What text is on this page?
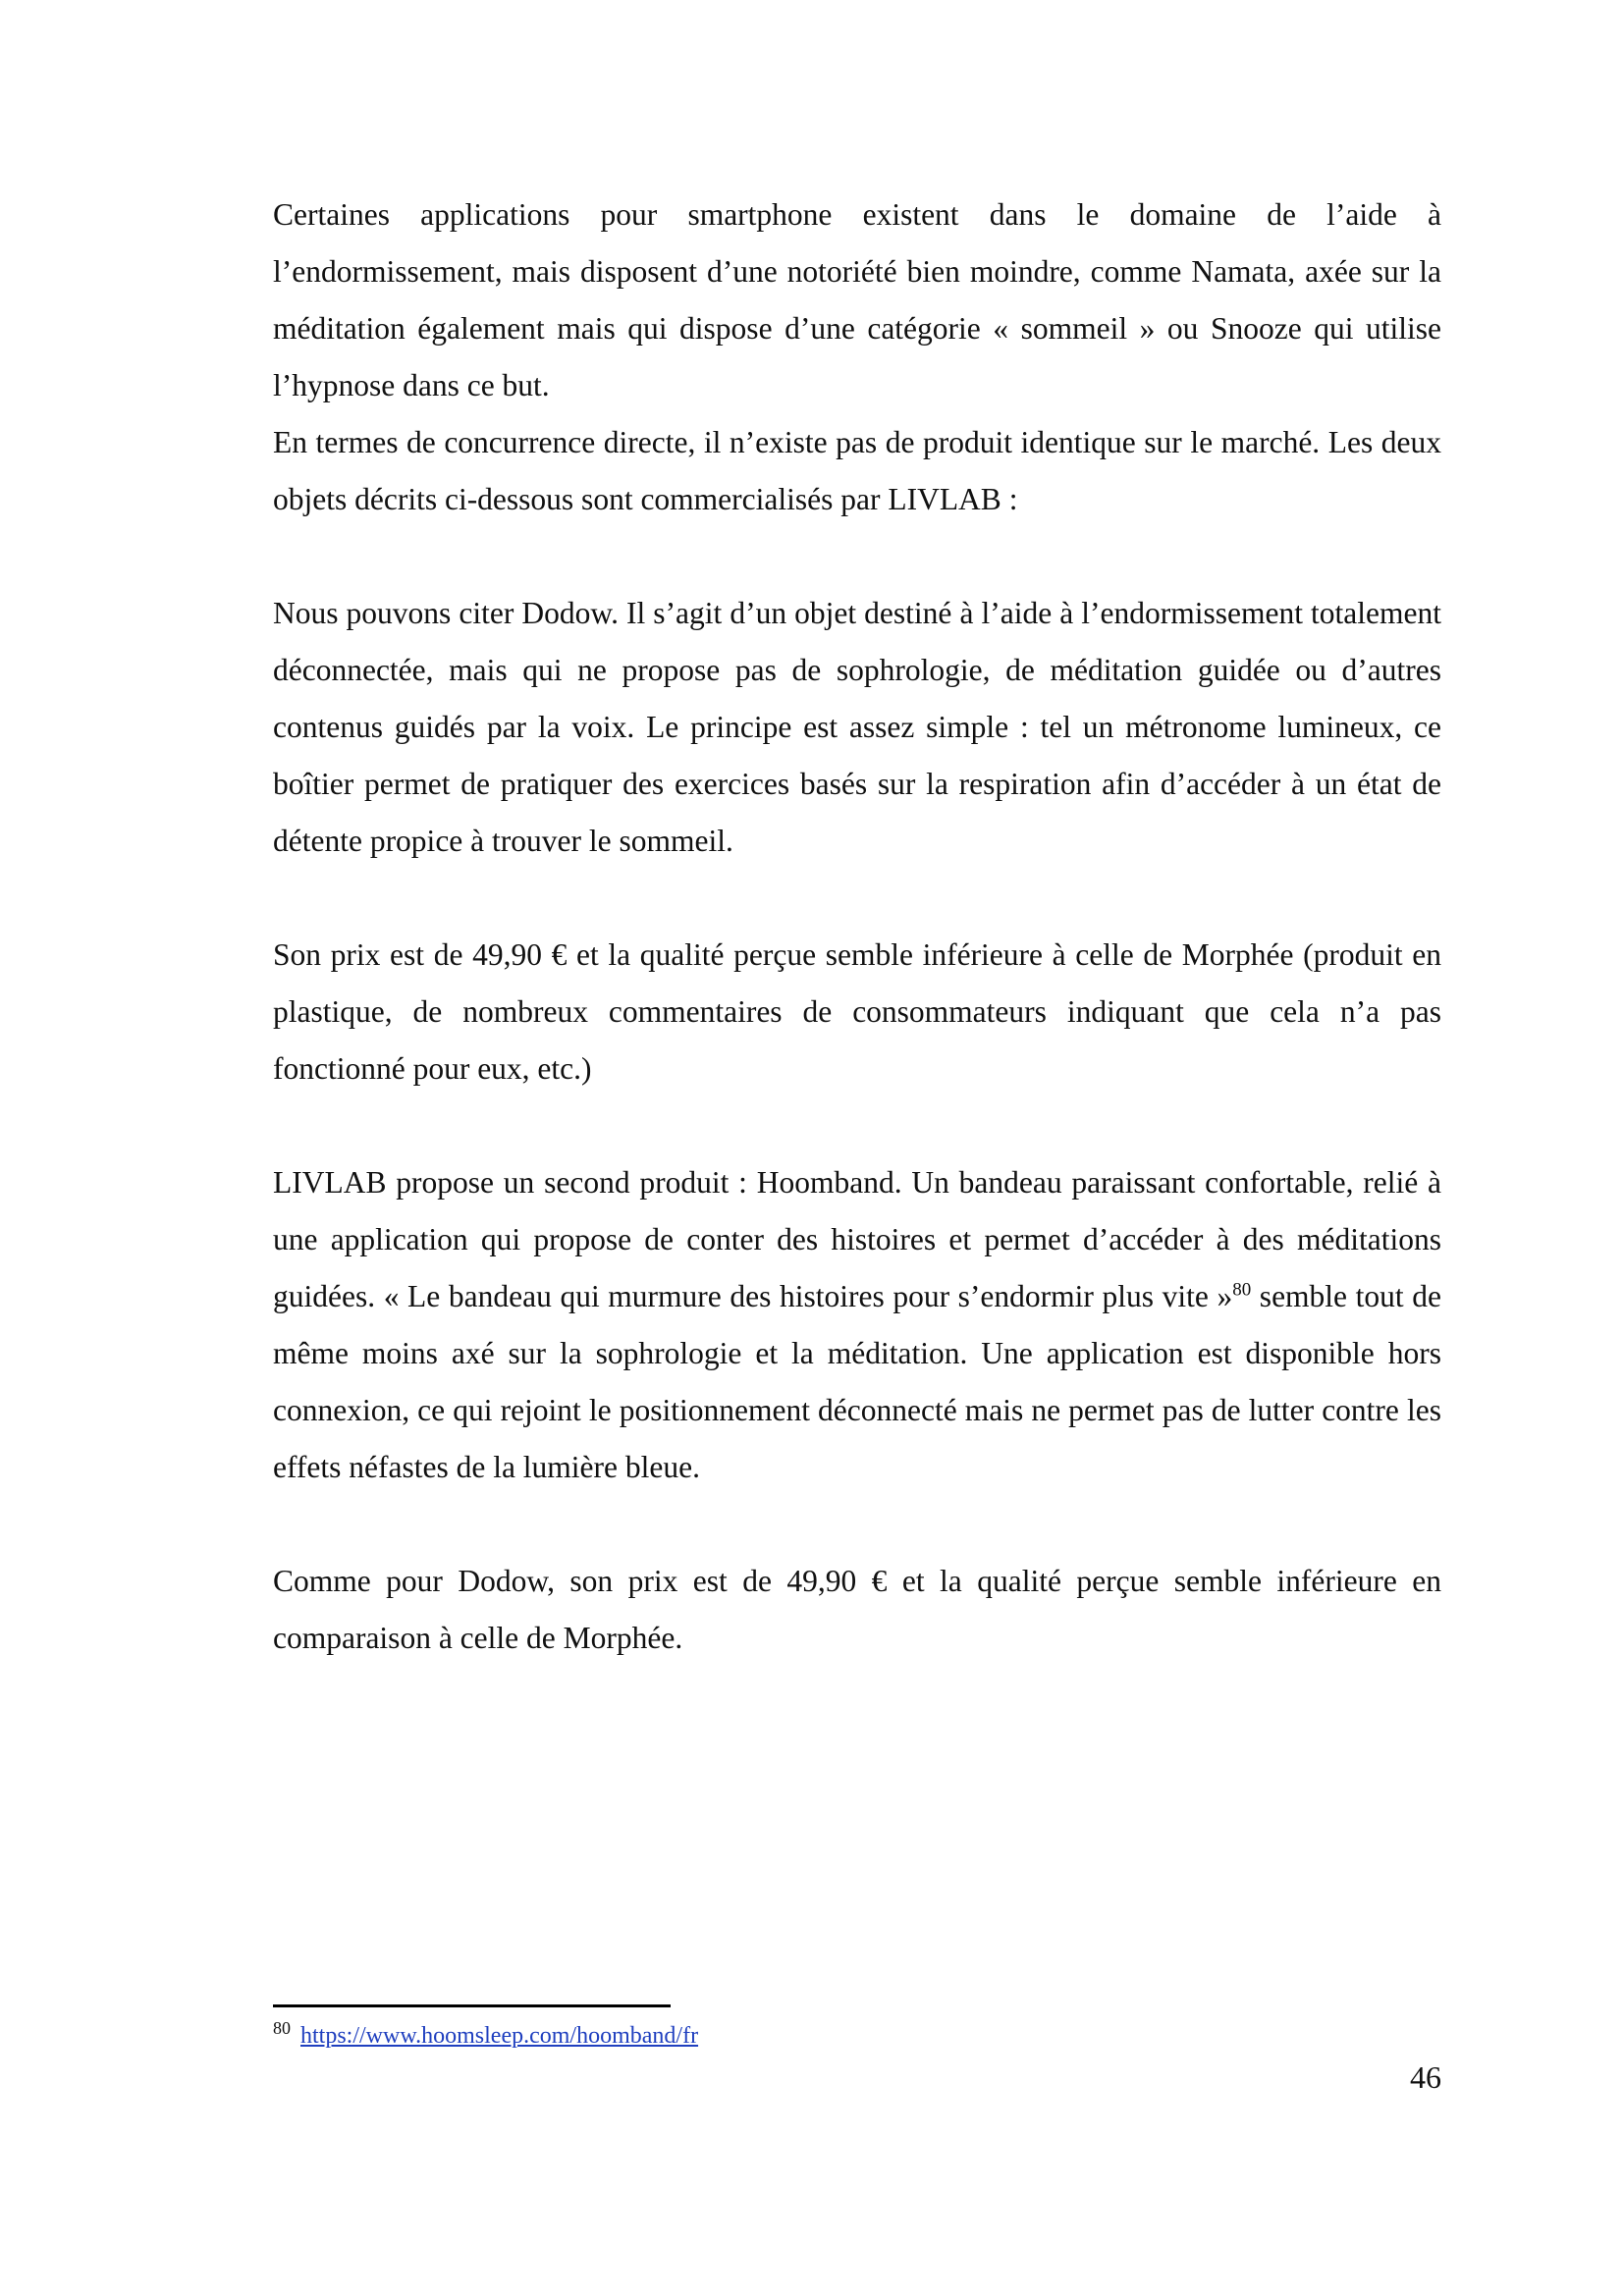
Certaines applications pour smartphone existent dans le domaine de l’aide à l’endormissement, mais disposent d’une notoriété bien moindre, comme Namata, axée sur la méditation également mais qui dispose d’une catégorie « sommeil » ou Snooze qui utilise l’hypnose dans ce but.

En termes de concurrence directe, il n’existe pas de produit identique sur le marché. Les deux objets décrits ci-dessous sont commercialisés par LIVLAB :

Nous pouvons citer Dodow. Il s’agit d’un objet destiné à l’aide à l’endormissement totalement déconnectée, mais qui ne propose pas de sophrologie, de méditation guidée ou d’autres contenus guidés par la voix. Le principe est assez simple : tel un métronome lumineux, ce boîtier permet de pratiquer des exercices basés sur la respiration afin d’accéder à un état de détente propice à trouver le sommeil.

Son prix est de 49,90 € et la qualité perçue semble inférieure à celle de Morphée (produit en plastique, de nombreux commentaires de consommateurs indiquant que cela n’a pas fonctionné pour eux, etc.)

LIVLAB propose un second produit : Hoomband. Un bandeau paraissant confortable, relié à une application qui propose de conter des histoires et permet d’accéder à des méditations guidées. « Le bandeau qui murmure des histoires pour s’endormir plus vite »$^{80}$ semble tout de même moins axé sur la sophrologie et la méditation. Une application est disponible hors connexion, ce qui rejoint le positionnement déconnecté mais ne permet pas de lutter contre les effets néfastes de la lumière bleue.

Comme pour Dodow, son prix est de 49,90 € et la qualité perçue semble inférieure en comparaison à celle de Morphée.

$^{80}$ https://www.hoomsleep.com/hoomband/fr
46
